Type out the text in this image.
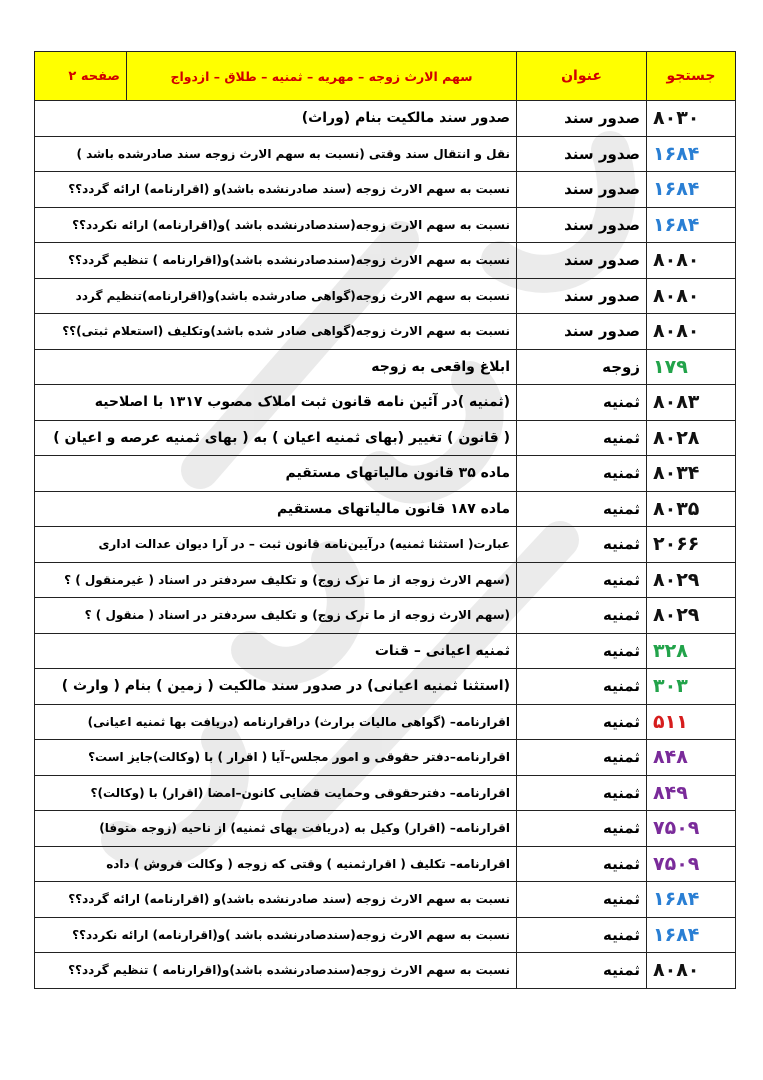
جستجو	عنوان	سهم الارث زوجه – مهریه – ثمنیه – طلاق – ازدواج	صفحه ۲
۸۰۳۰	صدور سند	صدور سند مالکیت بنام (وراث)	
۱۶۸۴	صدور سند	نقل و انتقال سند وقتی (نسبت به سهم الارث زوجه سند صادرشده باشد )	
۱۶۸۴	صدور سند	نسبت به سهم الارث زوجه (سند صادرنشده باشد)و (اقرارنامه) ارائه گردد؟؟	
۱۶۸۴	صدور سند	نسبت به سهم الارث زوجه(سندصادرنشده باشد )و(اقرارنامه) ارائه نکردد؟؟	
۸۰۸۰	صدور سند	نسبت به سهم الارث زوجه(سندصادرنشده باشد)و(اقرارنامه ) تنظیم گردد؟؟	
۸۰۸۰	صدور سند	نسبت به سهم الارث زوجه(گواهی صادرشده باشد)و(اقرارنامه)تنظیم گردد	
۸۰۸۰	صدور سند	نسبت به سهم الارث زوجه(گواهی صادر شده باشد)وتکلیف (استعلام ثبتی)؟؟	
۱۷۹	زوجه	ابلاغ واقعی به زوجه	
۸۰۸۳	ثمنیه	(ثمنیه )در آئین نامه قانون ثبت املاک مصوب ۱۳۱۷ با اصلاحیه	
۸۰۲۸	ثمنیه	( قانون ) تغییر (بهای ثمنیه اعیان ) به ( بهای ثمنیه عرصه و اعیان )	
۸۰۳۴	ثمنیه	ماده ۳۵ قانون مالیاتهای مستقیم	
۸۰۳۵	ثمنیه	ماده ۱۸۷ قانون مالیاتهای مستقیم	
۲۰۶۶	ثمنیه	عبارت( استثنا ثمنیه) درآیین‌نامه قانون ثبت – در آرا دیوان عدالت اداری	
۸۰۲۹	ثمنیه	(سهم الارث زوجه از ما ترک زوج) و تکلیف سردفتر در اسناد ( غیرمنقول ) ؟	
۸۰۲۹	ثمنیه	(سهم الارث زوجه از ما ترک زوج) و تکلیف سردفتر در اسناد ( منقول ) ؟	
۳۲۸	ثمنیه	ثمنیه اعیانی – قنات	
۳۰۳	ثمنیه	(استثنا ثمنیه اعیانی) در صدور سند مالکیت ( زمین ) بنام ( وارث )	
۵۱۱	ثمنیه	اقرارنامه– (گواهی مالیات برارث) دراقرارنامه (دریافت بها ثمنیه اعیانی)	
۸۴۸	ثمنیه	اقرارنامه–دفتر حقوقی و امور مجلس–آیا ( اقرار ) با (وکالت)جایز است؟	
۸۴۹	ثمنیه	اقرارنامه– دفترحقوقی وحمایت قضایی کانون–امضا (اقرار) با (وکالت)؟	
۷۵۰۹	ثمنیه	اقرارنامه– (اقرار) وکیل به (دریافت بهای ثمنیه) از ناحیه (زوجه متوفا)	
۷۵۰۹	ثمنیه	اقرارنامه– تکلیف ( اقرارثمنیه ) وقتی که زوجه ( وکالت فروش ) داده	
۱۶۸۴	ثمنیه	نسبت به سهم الارث زوجه (سند صادرنشده باشد)و (اقرارنامه) ارائه گردد؟؟	
۱۶۸۴	ثمنیه	نسبت به سهم الارث زوجه(سندصادرنشده باشد )و(اقرارنامه) ارائه نکردد؟؟	
۸۰۸۰	ثمنیه	نسبت به سهم الارث زوجه(سندصادرنشده باشد)و(اقرارنامه ) تنظیم گردد؟؟	
